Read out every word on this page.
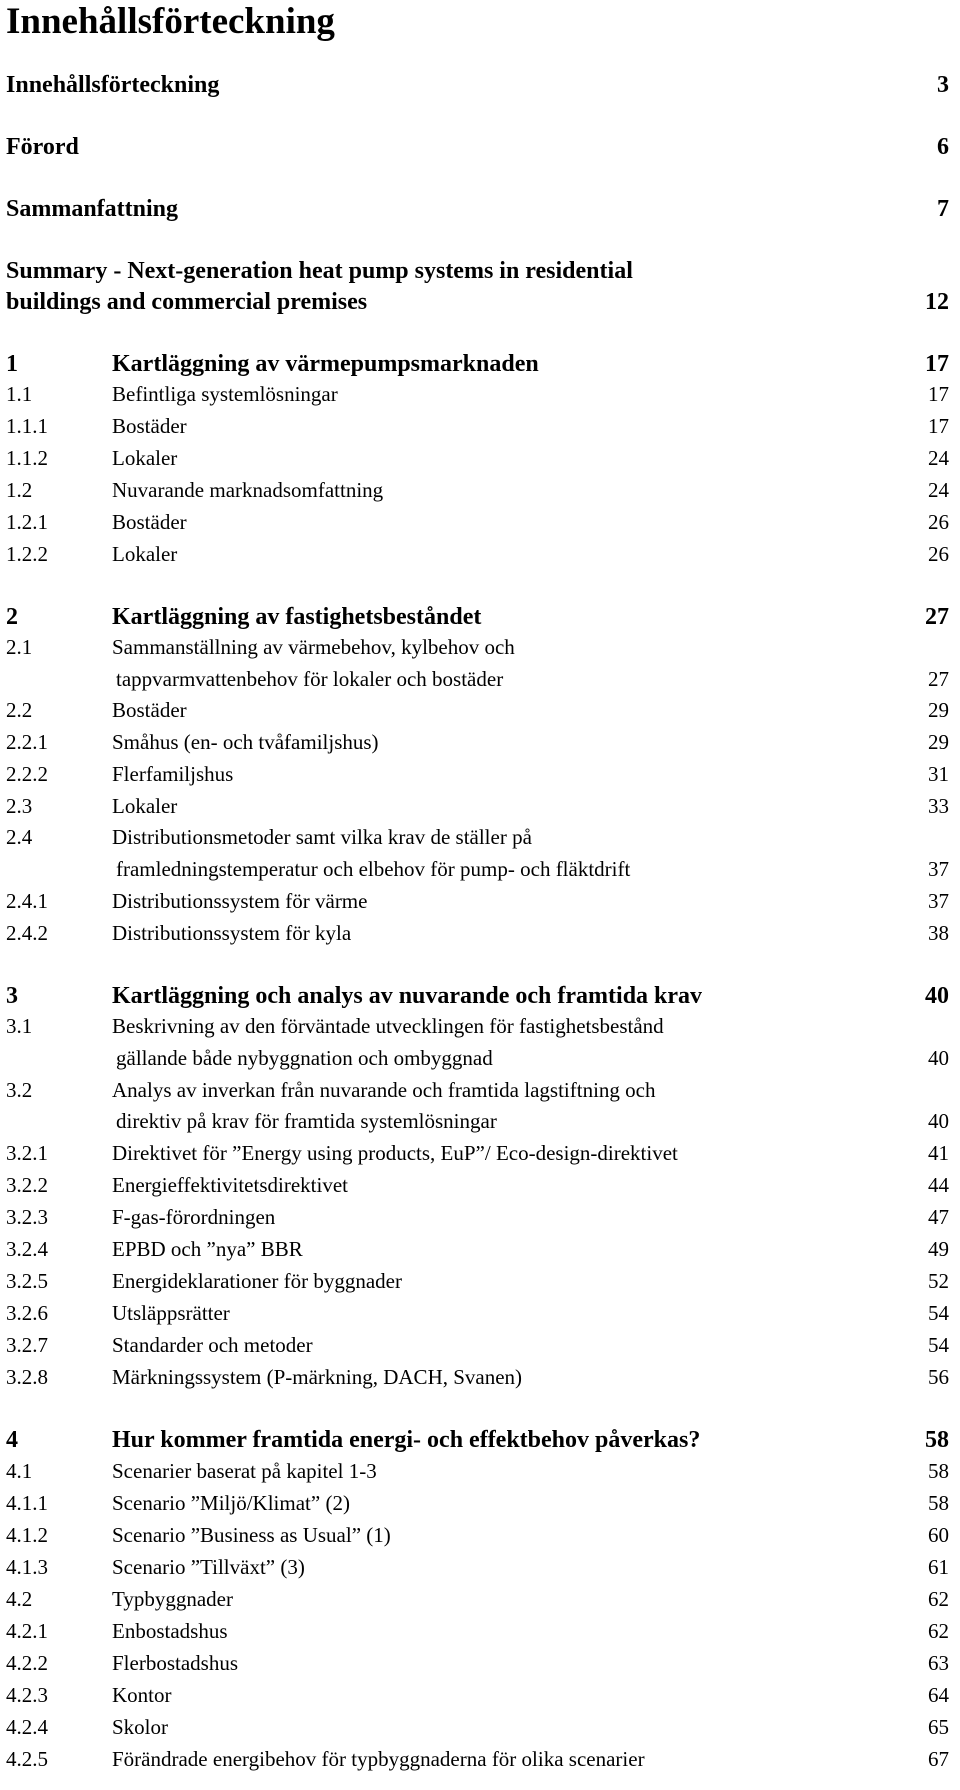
Innehållsförteckning
Innehållsförteckning	3
Förord	6
Sammanfattning	7
Summary - Next-generation heat pump systems in residential
buildings and commercial premises	12
1	Kartläggning av värmepumpsmarknaden	17
1.1	Befintliga systemlösningar	17
1.1.1	Bostäder	17
1.1.2	Lokaler	24
1.2	Nuvarande marknadsomfattning	24
1.2.1	Bostäder	26
1.2.2	Lokaler	26
2	Kartläggning av fastighetsbeståndet	27
2.1	Sammanställning av värmebehov, kylbehov och
tappvarmvattenbehov för lokaler och bostäder	27
2.2	Bostäder	29
2.2.1	Småhus (en- och tvåfamiljshus)	29
2.2.2	Flerfamiljshus	31
2.3	Lokaler	33
2.4	Distributionsmetoder samt vilka krav de ställer på
framledningstemperatur och elbehov för pump- och fläktdrift	37
2.4.1	Distributionssystem för värme	37
2.4.2	Distributionssystem för kyla	38
3	Kartläggning och analys av nuvarande och framtida krav	40
3.1	Beskrivning av den förväntade utvecklingen för fastighetsbestånd
gällande både nybyggnation och ombyggnad	40
3.2	Analys av inverkan från nuvarande och framtida lagstiftning och
direktiv på krav för framtida systemlösningar	40
3.2.1	Direktivet för ”Energy using products, EuP”/ Eco-design-direktivet	41
3.2.2	Energieffektivitetsdirektivet	44
3.2.3	F-gas-förordningen	47
3.2.4	EPBD och ”nya” BBR	49
3.2.5	Energideklarationer för byggnader	52
3.2.6	Utsläppsrätter	54
3.2.7	Standarder och metoder	54
3.2.8	Märkningssystem (P-märkning, DACH, Svanen)	56
4	Hur kommer framtida energi- och effektbehov påverkas?	58
4.1	Scenarier baserat på kapitel 1-3	58
4.1.1	Scenario ”Miljö/Klimat” (2)	58
4.1.2	Scenario ”Business as Usual” (1)	60
4.1.3	Scenario ”Tillväxt” (3)	61
4.2	Typbyggnader	62
4.2.1	Enbostadshus	62
4.2.2	Flerbostadshus	63
4.2.3	Kontor	64
4.2.4	Skolor	65
4.2.5	Förändrade energibehov för typbyggnaderna för olika scenarier	67
